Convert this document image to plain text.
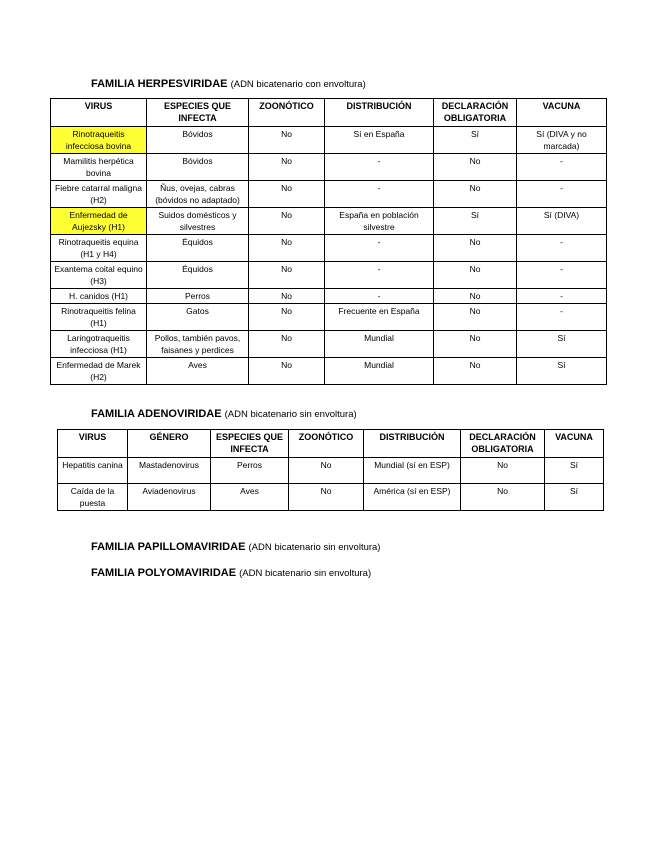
FAMILIA HERPESVIRIDAE (ADN bicatenario con envoltura)
VIRUS	ESPECIES QUE INFECTA	ZOONÓTICO	DISTRIBUCIÓN	DECLARACIÓN OBLIGATORIA	VACUNA
Rinotraqueitis infecciosa bovina	Bóvidos	No	Sí en España	Sí	Sí (DIVA y no marcada)
Mamilitis herpética bovina	Bóvidos	No	-	No	-
Fiebre catarral maligna (H2)	Ñus, ovejas, cabras (bóvidos no adaptado)	No	-	No	-
Enfermedad de Aujezsky (H1)	Suidos domésticos y silvestres	No	España en población silvestre	Sí	Sí (DIVA)
Rinotraqueitis equina (H1 y H4)	Équidos	No	-	No	-
Exantema coital equino (H3)	Équidos	No	-	No	-
H. canidos (H1)	Perros	No	-	No	-
Rinotraqueitis felina (H1)	Gatos	No	Frecuente en España	No	-
Laringotraqueitis infecciosa (H1)	Pollos, también pavos, faisanes y perdices	No	Mundial	No	Sí
Enfermedad de Marek (H2)	Aves	No	Mundial	No	Sí
FAMILIA ADENOVIRIDAE (ADN bicatenario sin envoltura)
VIRUS	GÉNERO	ESPECIES QUE INFECTA	ZOONÓTICO	DISTRIBUCIÓN	DECLARACIÓN OBLIGATORIA	VACUNA
Hepatitis canina	Mastadenovirus	Perros	No	Mundial (sí en ESP)	No	Sí
Caída de la puesta	Aviadenovirus	Aves	No	América (sí en ESP)	No	Sí
FAMILIA PAPILLOMAVIRIDAE (ADN bicatenario sin envoltura)
FAMILIA POLYOMAVIRIDAE (ADN bicatenario sin envoltura)
